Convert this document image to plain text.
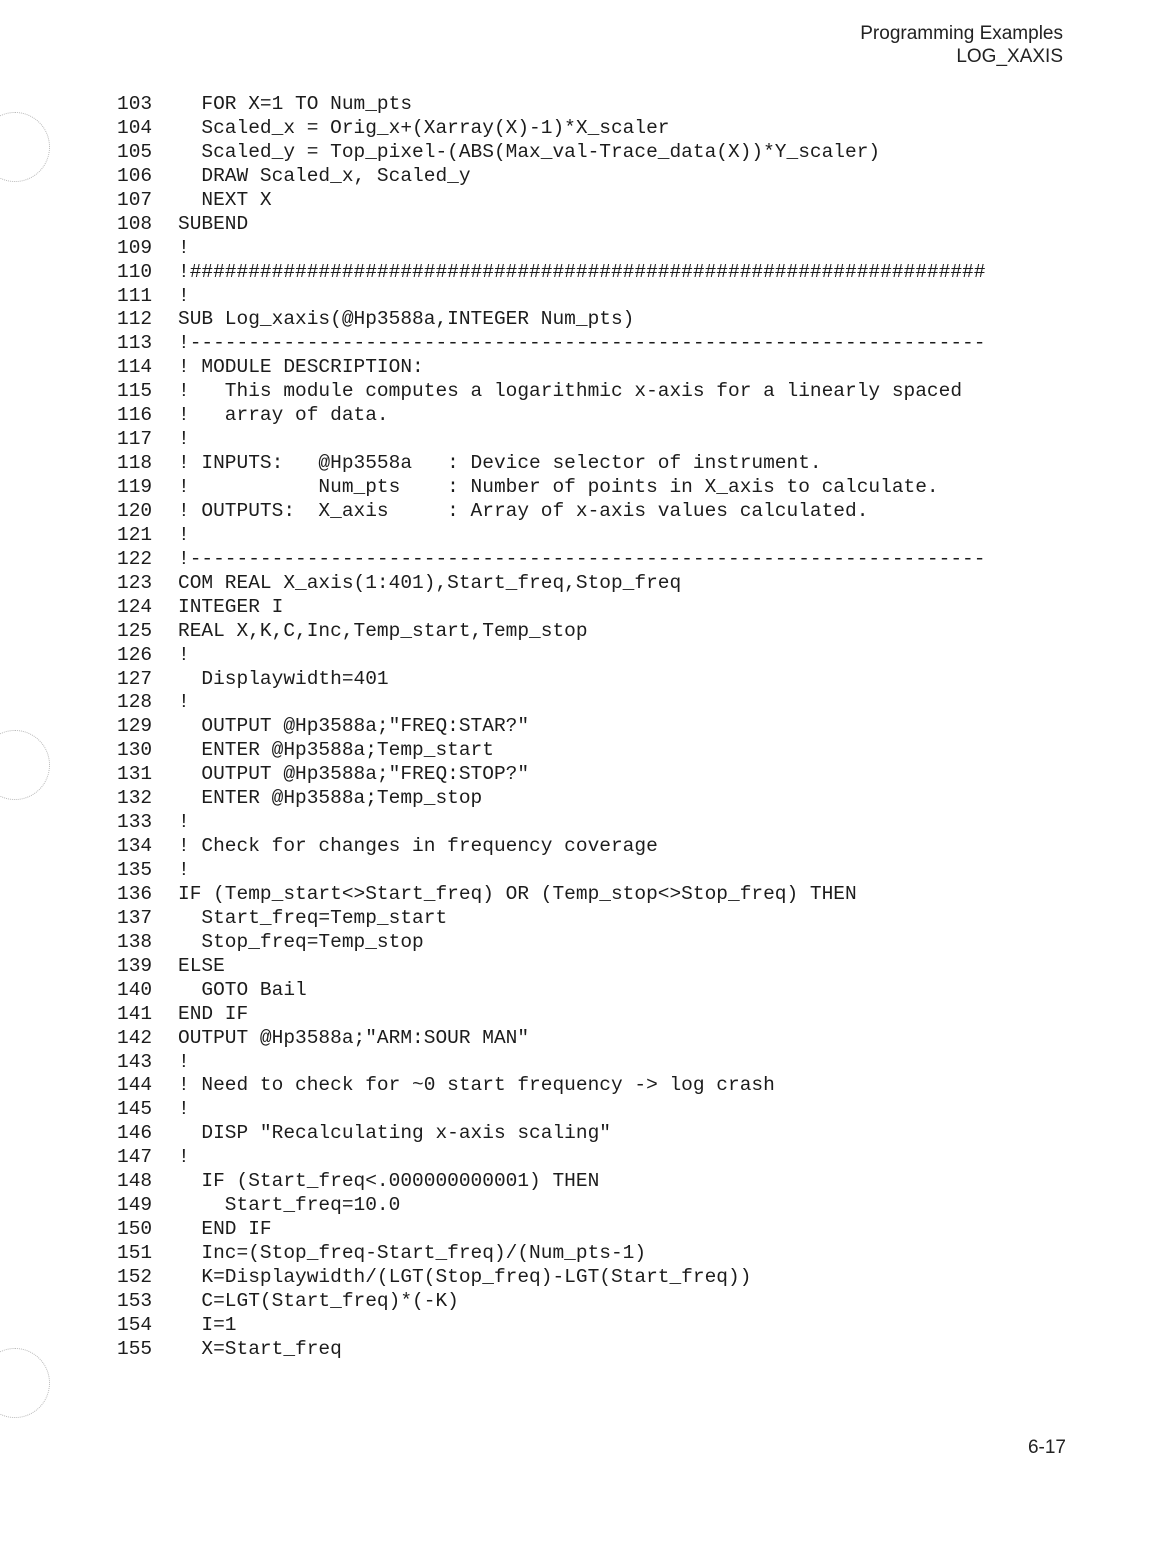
Programming Examples
LOG_XAXIS
103	FOR X=1 TO Num_pts
104	Scaled_x = Orig_x+(Xarray(X)-1)*X_scaler
105	Scaled_y = Top_pixel-(ABS(Max_val-Trace_data(X))*Y_scaler)
106	DRAW Scaled_x, Scaled_y
107	NEXT X
108	SUBEND
109	!
110	!####################################################################
111	!
112	SUB Log_xaxis(@Hp3588a,INTEGER Num_pts)
113	!--------------------------------------------------------------------
114	! MODULE DESCRIPTION:
115	!   This module computes a logarithmic x-axis for a linearly spaced
116	!   array of data.
117	!
118	! INPUTS:   @Hp3558a   : Device selector of instrument.
119	!           Num_pts    : Number of points in X_axis to calculate.
120	! OUTPUTS:  X_axis     : Array of x-axis values calculated.
121	!
122	!--------------------------------------------------------------------
123	COM REAL X_axis(1:401),Start_freq,Stop_freq
124	INTEGER I
125	REAL X,K,C,Inc,Temp_start,Temp_stop
126	!
127	Displaywidth=401
128	!
129	OUTPUT @Hp3588a;"FREQ:STAR?"
130	ENTER @Hp3588a;Temp_start
131	OUTPUT @Hp3588a;"FREQ:STOP?"
132	ENTER @Hp3588a;Temp_stop
133	!
134	! Check for changes in frequency coverage
135	!
136	IF (Temp_start<>Start_freq) OR (Temp_stop<>Stop_freq) THEN
137	Start_freq=Temp_start
138	Stop_freq=Temp_stop
139	ELSE
140	GOTO Bail
141	END IF
142	OUTPUT @Hp3588a;"ARM:SOUR MAN"
143	!
144	! Need to check for ~0 start frequency -> log crash
145	!
146	DISP "Recalculating x-axis scaling"
147	!
148	IF (Start_freq<.000000000001) THEN
149	Start_freq=10.0
150	END IF
151	Inc=(Stop_freq-Start_freq)/(Num_pts-1)
152	K=Displaywidth/(LGT(Stop_freq)-LGT(Start_freq))
153	C=LGT(Start_freq)*(-K)
154	I=1
155	X=Start_freq
6-17
